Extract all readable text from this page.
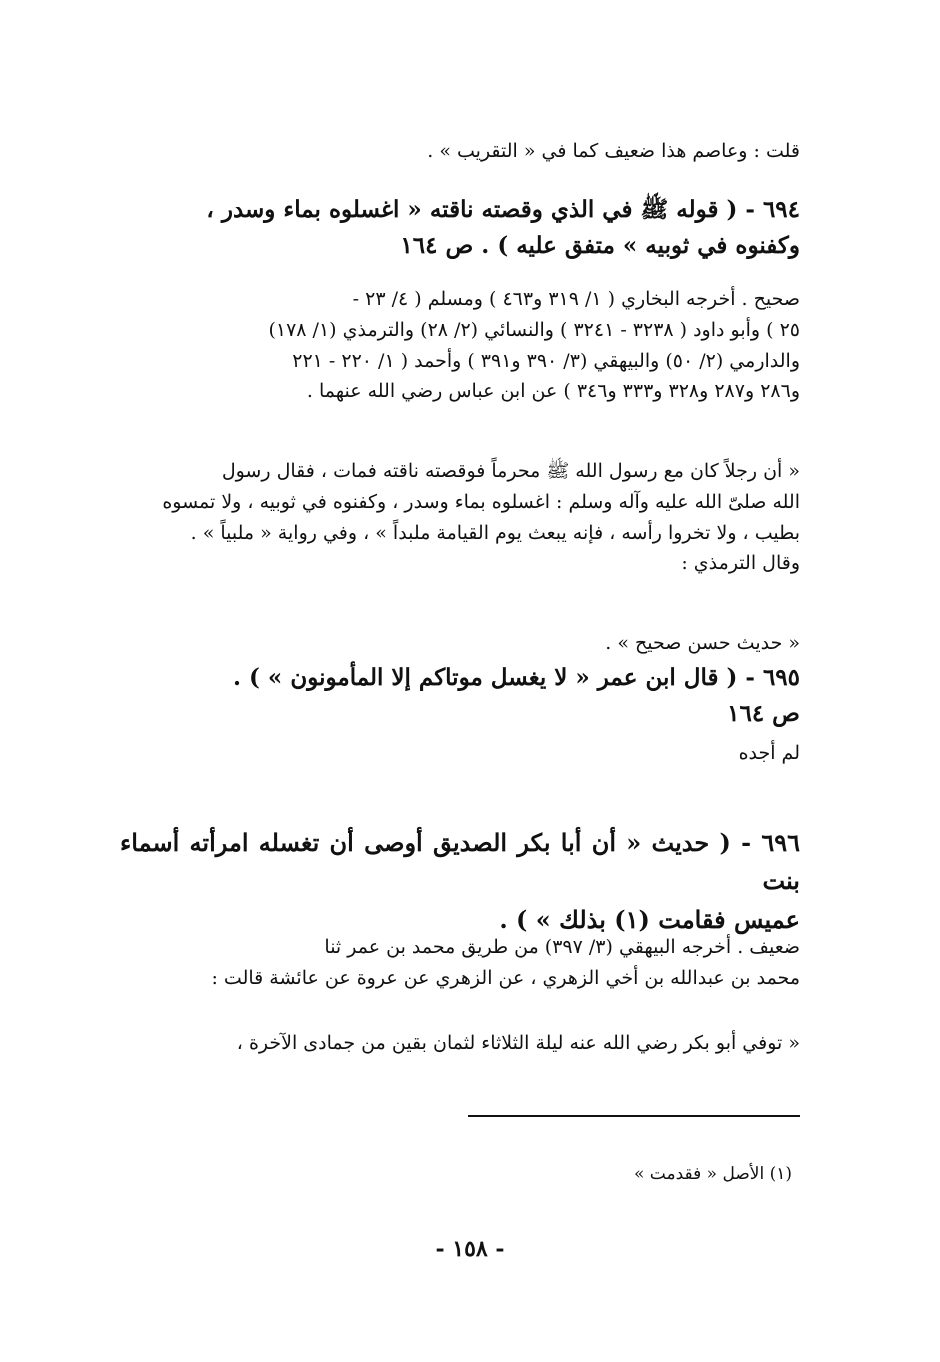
قلت : وعاصم هذا ضعيف كما في « التقريب » .
٦٩٤ - ( قوله ﷺ في الذي وقصته ناقته « اغسلوه بماء وسدر ،
وكفنوه في ثوبيه » متفق عليه ) . ص ١٦٤
صحيح . أخرجه البخاري ( ١/ ٣١٩ و٤٦٣ ) ومسلم ( ٤/ ٢٣ -
٢٥ ) وأبو داود ( ٣٢٣٨ - ٣٢٤١ ) والنسائي (٢/ ٢٨) والترمذي (١/ ١٧٨)
والدارمي (٢/ ٥٠) والبيهقي (٣/ ٣٩٠ و٣٩١ ) وأحمد ( ١/ ٢٢٠ - ٢٢١
و٢٨٦ و٢٨٧ و٣٢٨ و٣٣٣ و٣٤٦ ) عن ابن عباس رضي الله عنهما .
« أن رجلاً كان مع رسول الله ﷺ محرماً فوقصته ناقته فمات ، فقال رسول
الله صلىّ الله عليه وآله وسلم : اغسلوه بماء وسدر ، وكفنوه في ثوبيه ، ولا تمسوه
بطيب ، ولا تخروا رأسه ، فإنه يبعث يوم القيامة ملبداً » ، وفي رواية « ملبياً » .
وقال الترمذي :
« حديث حسن صحيح » .
٦٩٥ - ( قال ابن عمر « لا يغسل موتاكم إلا المأمونون » ) .
ص ١٦٤
لم أجده
٦٩٦ - ( حديث « أن أبا بكر الصديق أوصى أن تغسله امرأته أسماء بنت
عميس فقامت (١) بذلك » ) .
ضعيف . أخرجه البيهقي (٣/ ٣٩٧) من طريق محمد بن عمر ثنا
محمد بن عبدالله بن أخي الزهري ، عن الزهري عن عروة عن عائشة قالت :
« توفي أبو بكر رضي الله عنه ليلة الثلاثاء لثمان بقين من جمادى الآخرة ،
(١) الأصل « فقدمت »
- ١٥٨ -
